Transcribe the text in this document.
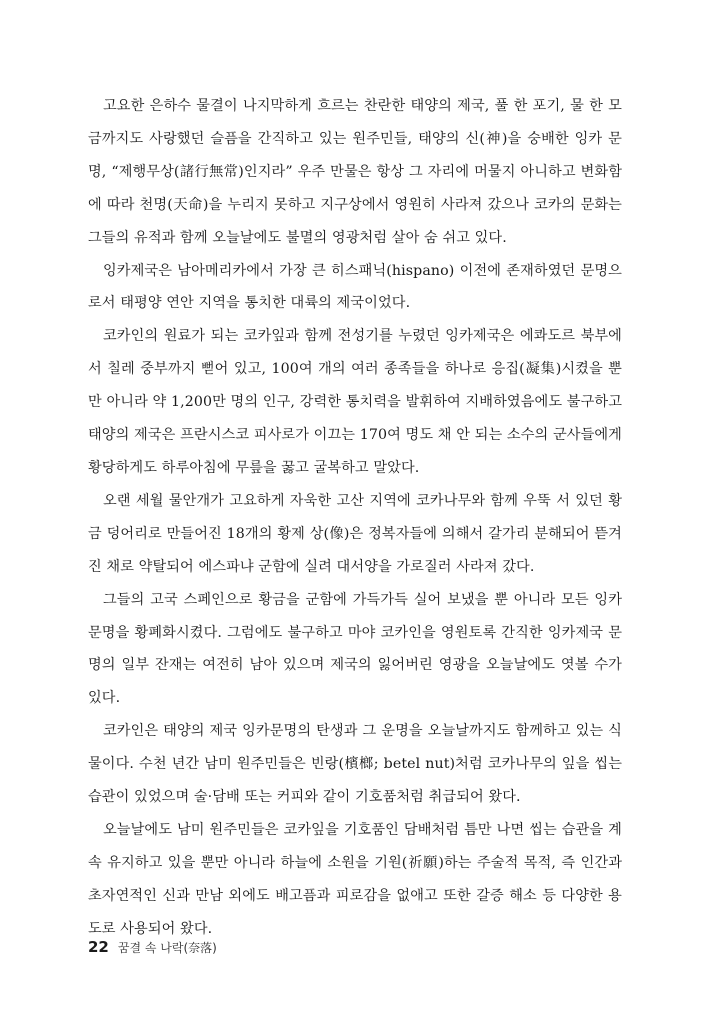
고요한 은하수 물결이 나지막하게 흐르는 찬란한 태양의 제국, 풀 한 포기, 물 한 모금까지도 사랑했던 슬픔을 간직하고 있는 원주민들, 태양의 신(神)을 숭배한 잉카 문명, “제행무상(諸行無常)인지라” 우주 만물은 항상 그 자리에 머물지 아니하고 변화함에 따라 천명(天命)을 누리지 못하고 지구상에서 영원히 사라져 갔으나 코카의 문화는 그들의 유적과 함께 오늘날에도 불멸의 영광처럼 살아 숨 쉬고 있다.

잉카제국은 남아메리카에서 가장 큰 히스패닉(hispano) 이전에 존재하였던 문명으로서 태평양 연안 지역을 통치한 대륙의 제국이었다.

코카인의 원료가 되는 코카잎과 함께 전성기를 누렸던 잉카제국은 에콰도르 북부에서 칠레 중부까지 뻗어 있고, 100여 개의 여러 종족들을 하나로 응집(凝集)시켰을 뿐만 아니라 약 1,200만 명의 인구, 강력한 통치력을 발휘하여 지배하였음에도 불구하고 태양의 제국은 프란시스코 피사로가 이끄는 170여 명도 채 안 되는 소수의 군사들에게 황당하게도 하루아침에 무릎을 꿇고 굴복하고 말았다.

오랜 세월 물안개가 고요하게 자욱한 고산 지역에 코카나무와 함께 우뚝 서 있던 황금 덩어리로 만들어진 18개의 황제 상(像)은 정복자들에 의해서 갈가리 분해되어 뜯겨진 채로 약탈되어 에스파냐 군함에 실려 대서양을 가로질러 사라져 갔다.

그들의 고국 스페인으로 황금을 군함에 가득가득 실어 보냈을 뿐 아니라 모든 잉카문명을 황폐화시켰다. 그럼에도 불구하고 마야 코카인을 영원토록 간직한 잉카제국 문명의 일부 잔재는 여전히 남아 있으며 제국의 잃어버린 영광을 오늘날에도 엿볼 수가 있다.

코카인은 태양의 제국 잉카문명의 탄생과 그 운명을 오늘날까지도 함께하고 있는 식물이다. 수천 년간 남미 원주민들은 빈랑(檳榔; betel nut)처럼 코카나무의 잎을 씹는 습관이 있었으며 술·담배 또는 커피와 같이 기호품처럼 취급되어 왔다.

오늘날에도 남미 원주민들은 코카잎을 기호품인 담배처럼 틈만 나면 씹는 습관을 계속 유지하고 있을 뿐만 아니라 하늘에 소원을 기원(祈願)하는 주술적 목적, 즉 인간과 초자연적인 신과 만남 외에도 배고픔과 피로감을 없애고 또한 갈증 해소 등 다양한 용도로 사용되어 왔다.

22 꿈결 속 나락(奈落)
